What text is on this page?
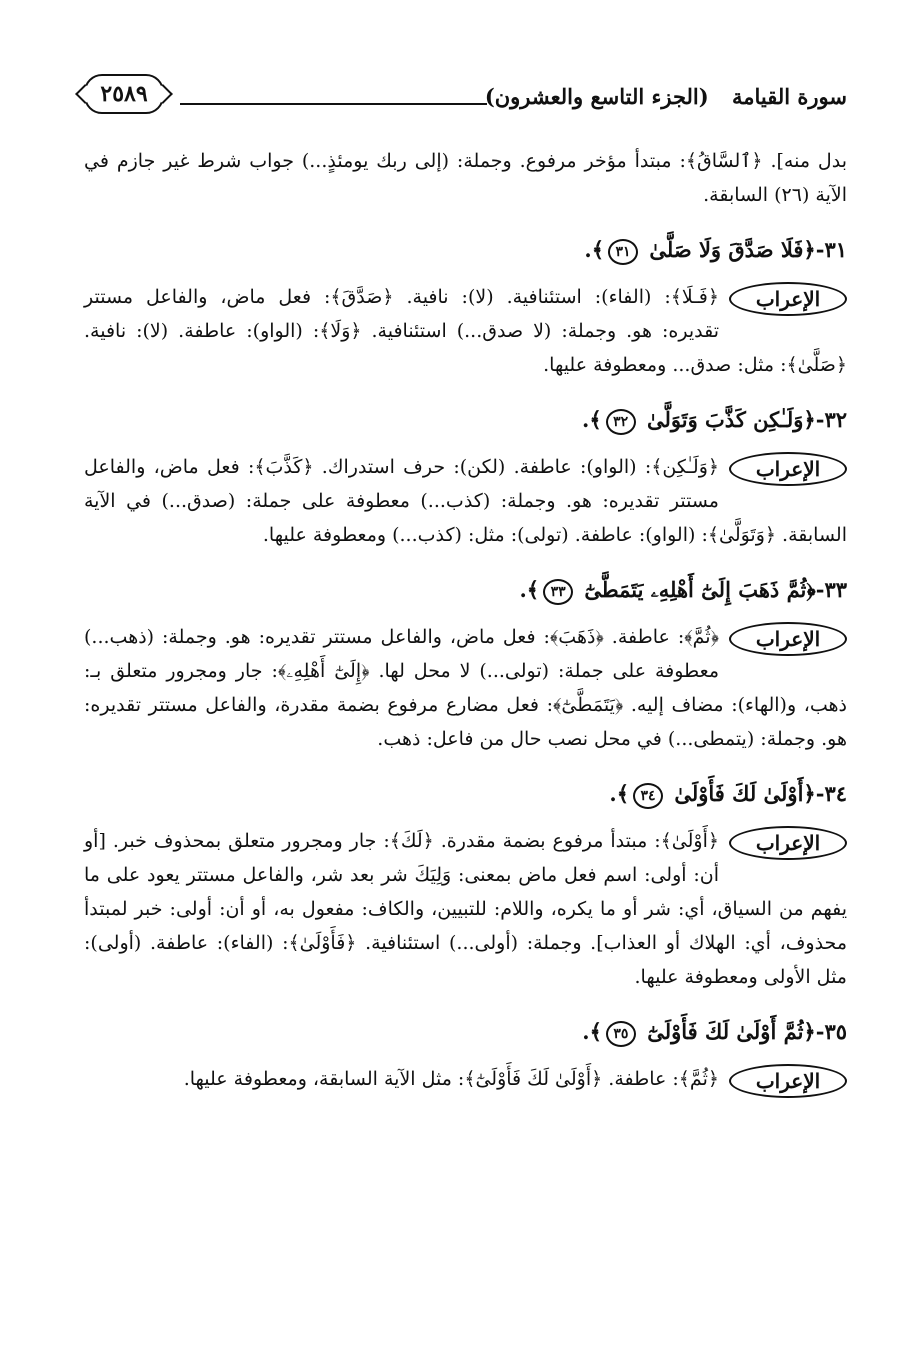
سورة القيامة (الجزء التاسع والعشرون)
٢٥٨٩

بدل منه]. ﴿ٱلسَّاقُ﴾: مبتدأ مؤخر مرفوع. وجملة: (إلى ربك يومئذٍ...) جواب شرط غير جازم في الآية (٢٦) السابقة.

٣١-﴿فَلَا صَدَّقَ وَلَا صَلَّىٰ ٣١﴾.

الإعراب

﴿فَـلَا﴾: (الفاء): استئنافية. (لا): نافية. ﴿صَدَّقَ﴾: فعل ماض، والفاعل مستتر تقديره: هو. وجملة: (لا صدق...) استئنافية. ﴿وَلَا﴾: (الواو): عاطفة. (لا): نافية. ﴿صَلَّىٰ﴾: مثل: صدق... ومعطوفة عليها.

٣٢-﴿وَلَـٰكِن كَذَّبَ وَتَوَلَّىٰ ٣٢﴾.

الإعراب

﴿وَلَـٰكِن﴾: (الواو): عاطفة. (لكن): حرف استدراك. ﴿كَذَّبَ﴾: فعل ماض، والفاعل مستتر تقديره: هو. وجملة: (كذب...) معطوفة على جملة: (صدق...) في الآية السابقة. ﴿وَتَوَلَّىٰ﴾: (الواو): عاطفة. (تولى): مثل: (كذب...) ومعطوفة عليها.

٣٣-﴿ثُمَّ ذَهَبَ إِلَىٰٓ أَهْلِهِۦ يَتَمَطَّىٰٓ ٣٣﴾.

الإعراب

﴿ثُمَّ﴾: عاطفة. ﴿ذَهَبَ﴾: فعل ماض، والفاعل مستتر تقديره: هو. وجملة: (ذهب...) معطوفة على جملة: (تولى...) لا محل لها. ﴿إِلَىٰٓ أَهْلِهِۦ﴾: جار ومجرور متعلق بـ: ذهب، و(الهاء): مضاف إليه. ﴿يَتَمَطَّىٰٓ﴾: فعل مضارع مرفوع بضمة مقدرة، والفاعل مستتر تقديره: هو. وجملة: (يتمطى...) في محل نصب حال من فاعل: ذهب.

٣٤-﴿أَوْلَىٰ لَكَ فَأَوْلَىٰ ٣٤﴾.

الإعراب

﴿أَوْلَىٰ﴾: مبتدأ مرفوع بضمة مقدرة. ﴿لَكَ﴾: جار ومجرور متعلق بمحذوف خبر. [أو أن: أولى: اسم فعل ماض بمعنى: وَلِيَكَ شر بعد شر، والفاعل مستتر يعود على ما يفهم من السياق، أي: شر أو ما يكره، واللام: للتبيين، والكاف: مفعول به، أو أن: أولى: خبر لمبتدأ محذوف، أي: الهلاك أو العذاب]. وجملة: (أولى...) استئنافية. ﴿فَأَوْلَىٰ﴾: (الفاء): عاطفة. (أولى): مثل الأولى ومعطوفة عليها.

٣٥-﴿ثُمَّ أَوْلَىٰ لَكَ فَأَوْلَىٰٓ ٣٥﴾.

الإعراب

﴿ثُمَّ﴾: عاطفة. ﴿أَوْلَىٰ لَكَ فَأَوْلَىٰٓ﴾: مثل الآية السابقة، ومعطوفة عليها.
